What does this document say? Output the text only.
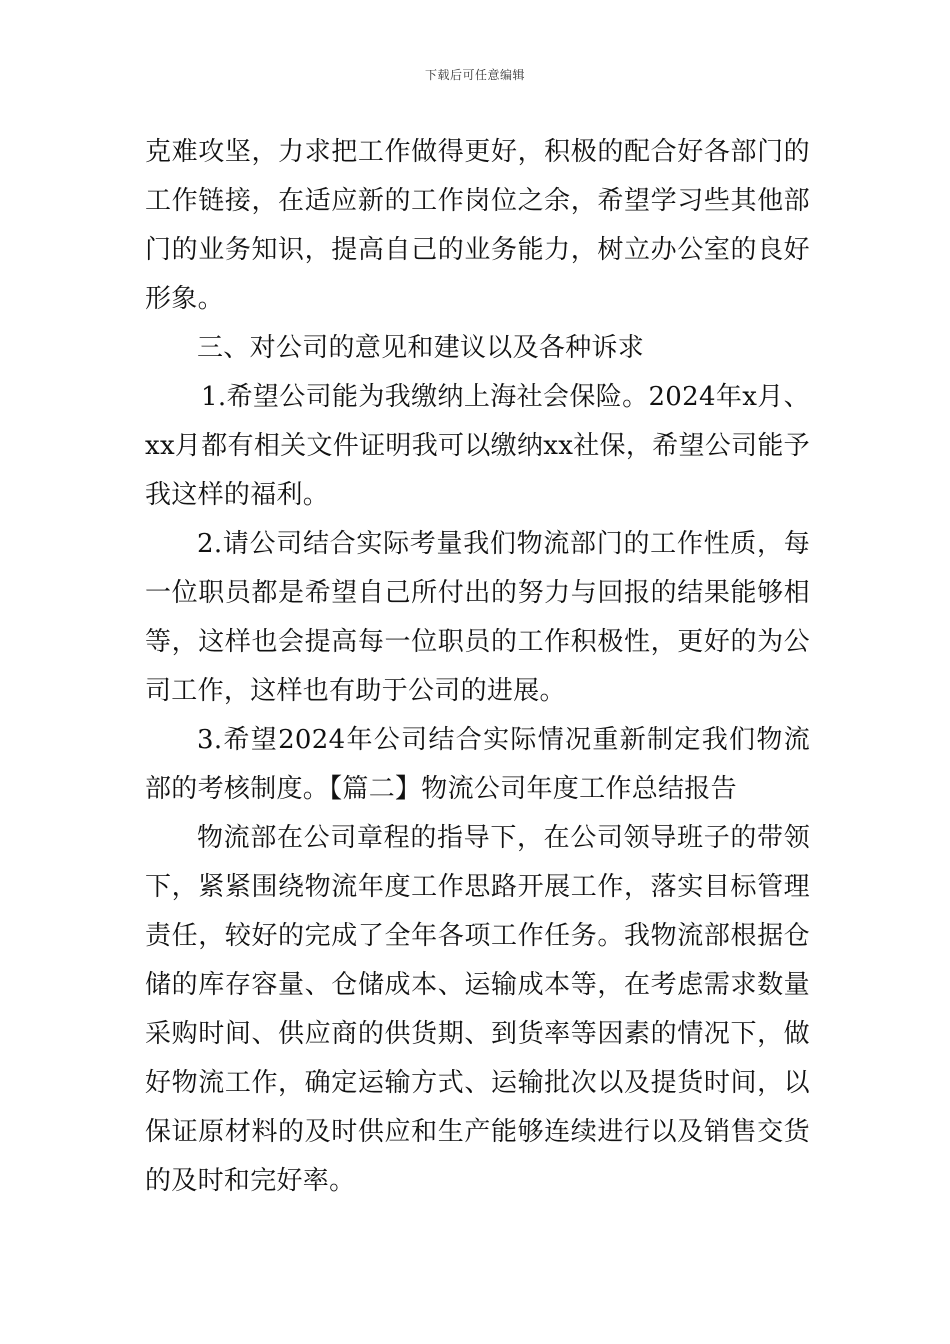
下载后可任意编辑

克难攻坚，力求把工作做得更好，积极的配合好各部门的工作链接，在适应新的工作岗位之余，希望学习些其他部门的业务知识，提高自己的业务能力，树立办公室的良好形象。

三、对公司的意见和建议以及各种诉求

1.希望公司能为我缴纳上海社会保险。2024年x月、xx月都有相关文件证明我可以缴纳xx社保，希望公司能予我这样的福利。

2.请公司结合实际考量我们物流部门的工作性质，每一位职员都是希望自己所付出的努力与回报的结果能够相等，这样也会提高每一位职员的工作积极性，更好的为公司工作，这样也有助于公司的进展。

3.希望2024年公司结合实际情况重新制定我们物流部的考核制度。【篇二】物流公司年度工作总结报告

物流部在公司章程的指导下，在公司领导班子的带领下，紧紧围绕物流年度工作思路开展工作，落实目标管理责任，较好的完成了全年各项工作任务。我物流部根据仓储的库存容量、仓储成本、运输成本等，在考虑需求数量采购时间、供应商的供货期、到货率等因素的情况下，做好物流工作，确定运输方式、运输批次以及提货时间，以保证原材料的及时供应和生产能够连续进行以及销售交货的及时和完好率。
